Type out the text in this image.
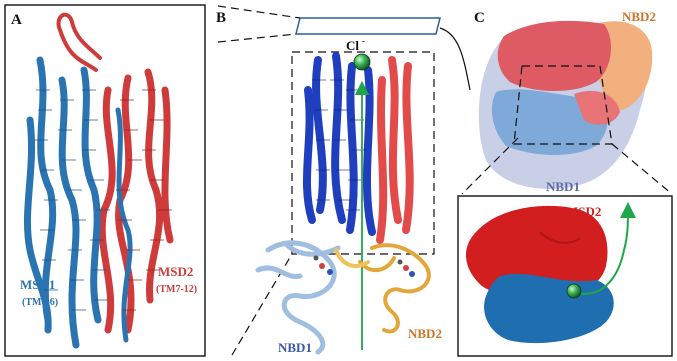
A
MSD1
(TM1-6)
MSD2
(TM7-12)
B
Cl -
NBD1
NBD2
C	NBD2
NBD1
MSD2
MSD1
